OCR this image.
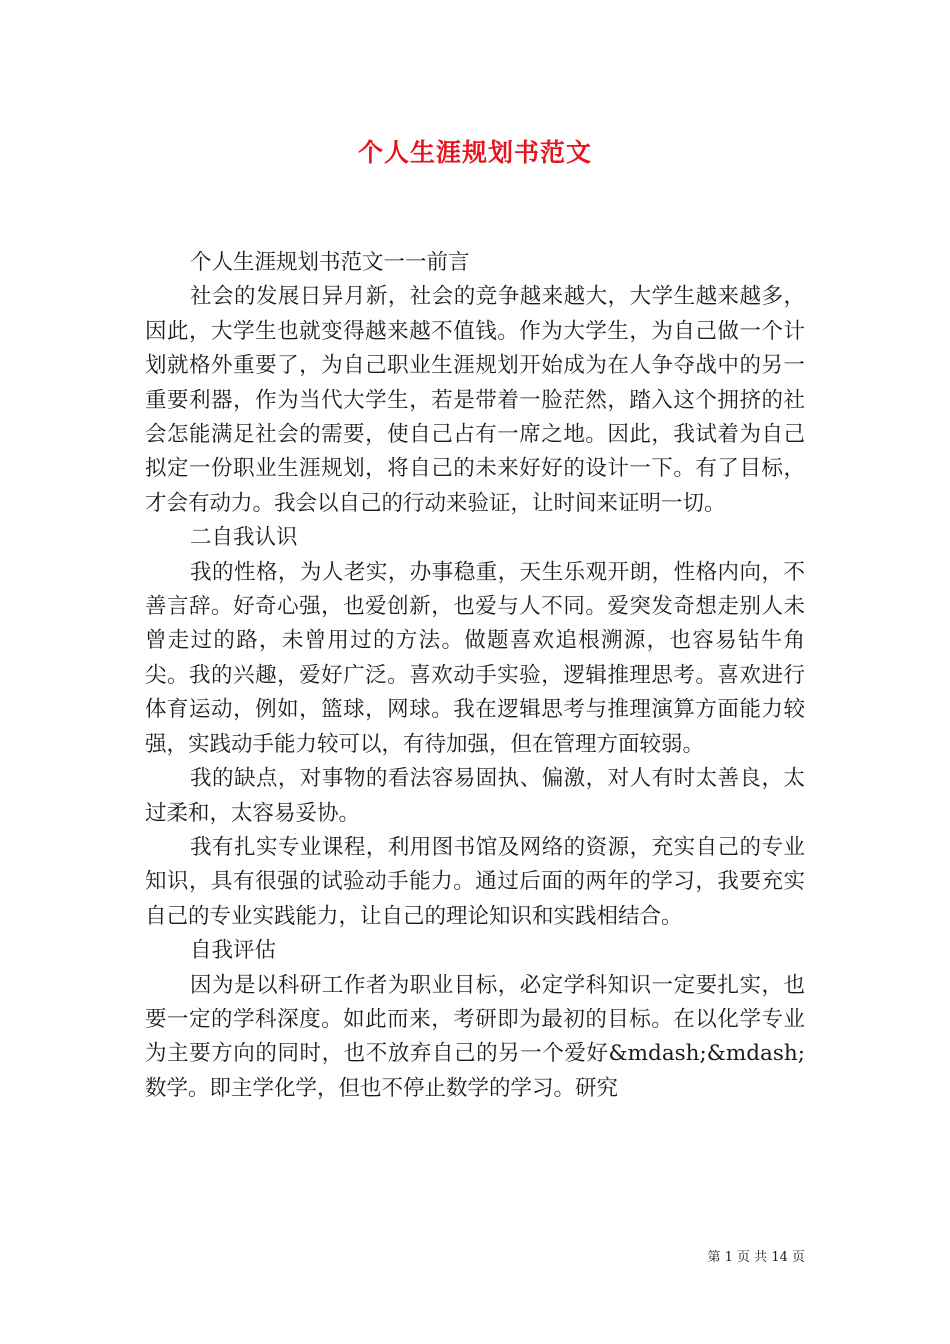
个人生涯规划书范文

个人生涯规划书范文一一前言

社会的发展日异月新，社会的竞争越来越大，大学生越来越多，因此，大学生也就变得越来越不值钱。作为大学生，为自己做一个计划就格外重要了，为自己职业生涯规划开始成为在人争夺战中的另一重要利器，作为当代大学生，若是带着一脸茫然，踏入这个拥挤的社会怎能满足社会的需要，使自己占有一席之地。因此，我试着为自己拟定一份职业生涯规划，将自己的未来好好的设计一下。有了目标，才会有动力。我会以自己的行动来验证，让时间来证明一切。

二自我认识

我的性格，为人老实，办事稳重，天生乐观开朗，性格内向，不善言辞。好奇心强，也爱创新，也爱与人不同。爱突发奇想走别人未曾走过的路，未曾用过的方法。做题喜欢追根溯源，也容易钻牛角尖。我的兴趣，爱好广泛。喜欢动手实验，逻辑推理思考。喜欢进行体育运动，例如，篮球，网球。我在逻辑思考与推理演算方面能力较强，实践动手能力较可以，有待加强，但在管理方面较弱。

我的缺点，对事物的看法容易固执、偏激，对人有时太善良，太过柔和，太容易妥协。

我有扎实专业课程，利用图书馆及网络的资源，充实自己的专业知识，具有很强的试验动手能力。通过后面的两年的学习，我要充实自己的专业实践能力，让自己的理论知识和实践相结合。

自我评估

因为是以科研工作者为职业目标，必定学科知识一定要扎实，也要一定的学科深度。如此而来，考研即为最初的目标。在以化学专业为主要方向的同时，也不放弃自己的另一个爱好&mdash;&mdash;数学。即主学化学，但也不停止数学的学习。研究

第 1 页 共 14 页
